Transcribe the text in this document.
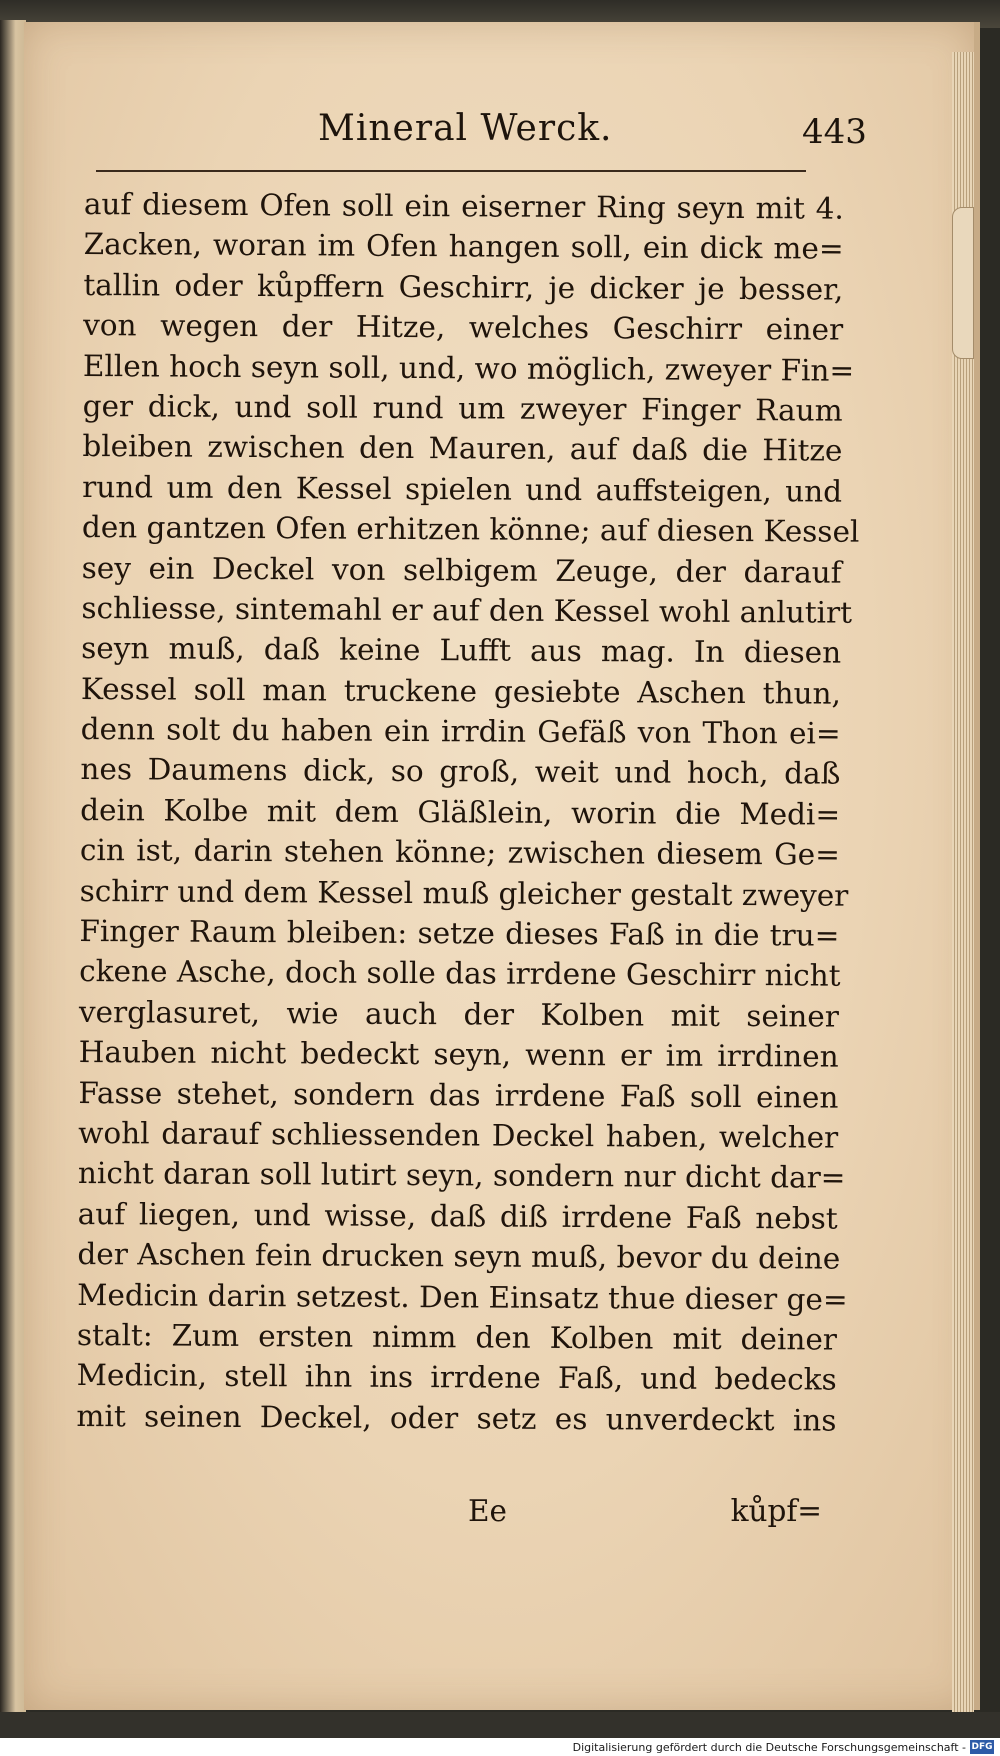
Mineral Werck.	443
auf diesem Ofen soll ein eiserner Ring seyn mit 4.
Zacken, woran im Ofen hangen soll, ein dick me=
tallin oder kůpffern Geschirr, je dicker je besser,
von wegen der Hitze, welches Geschirr einer
Ellen hoch seyn soll, und, wo möglich, zweyer Fin=
ger dick, und soll rund um zweyer Finger Raum
bleiben zwischen den Mauren, auf daß die Hitze
rund um den Kessel spielen und auffsteigen, und
den gantzen Ofen erhitzen könne; auf diesen Kessel
sey ein Deckel von selbigem Zeuge, der darauf
schliesse, sintemahl er auf den Kessel wohl anlutirt
seyn muß, daß keine Lufft aus mag. In diesen
Kessel soll man truckene gesiebte Aschen thun,
denn solt du haben ein irrdin Gefäß von Thon ei=
nes Daumens dick, so groß, weit und hoch, daß
dein Kolbe mit dem Gläßlein, worin die Medi=
cin ist, darin stehen könne; zwischen diesem Ge=
schirr und dem Kessel muß gleicher gestalt zweyer
Finger Raum bleiben: setze dieses Faß in die tru=
ckene Asche, doch solle das irrdene Geschirr nicht
verglasuret, wie auch der Kolben mit seiner
Hauben nicht bedeckt seyn, wenn er im irrdinen
Fasse stehet, sondern das irrdene Faß soll einen
wohl darauf schliessenden Deckel haben, welcher
nicht daran soll lutirt seyn, sondern nur dicht dar=
auf liegen, und wisse, daß diß irrdene Faß nebst
der Aschen fein drucken seyn muß, bevor du deine
Medicin darin setzest. Den Einsatz thue dieser ge=
stalt: Zum ersten nimm den Kolben mit deiner
Medicin, stell ihn ins irrdene Faß, und bedecks
mit seinen Deckel, oder setz es unverdeckt ins
Ee	kůpf=
Digitalisierung gefördert durch die Deutsche Forschungsgemeinschaft - DFG
